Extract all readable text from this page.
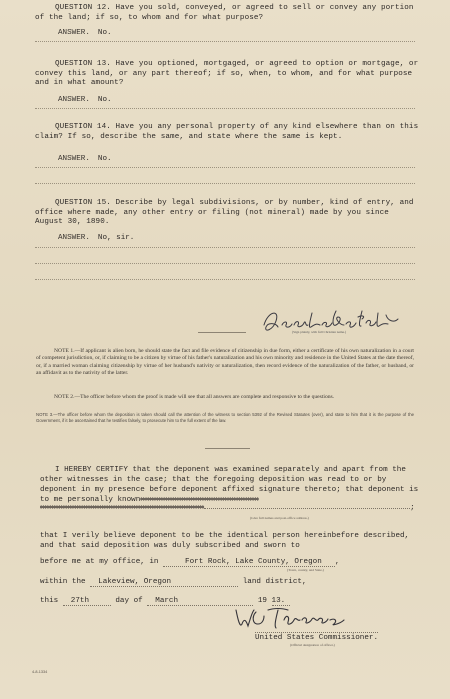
QUESTION 12. Have you sold, conveyed, or agreed to sell or convey any portion of the land; if so, to whom and for what purpose?
ANSWER. No.
QUESTION 13. Have you optioned, mortgaged, or agreed to option or mortgage, or convey this land, or any part thereof; if so, when, to whom, and for what purpose and in what amount?
ANSWER. No.
QUESTION 14. Have you any personal property of any kind elsewhere than on this claim? If so, describe the same, and state where the same is kept.
ANSWER. No.
QUESTION 15. Describe by legal subdivisions, or by number, kind of entry, and office where made, any other entry or filing (not mineral) made by you since August 30, 1890.
ANSWER. No, sir.
(Sign plainly, with full Christian name.)
NOTE 1.—If applicant is alien born, he should state the fact and file evidence of citizenship in due form, either a certificate of his own naturalization in a court of competent jurisdiction, or, if claiming to be a citizen by virtue of his father's naturalization and his own minority and residence in the United States at the date thereof, or, if a married woman claiming citizenship by virtue of her husband's nativity or naturalization, then record evidence of the naturalization of the father, or husband, or an affidavit as to the nativity of the latter.
NOTE 2.—The officer before whom the proof is made will see that all answers are complete and responsive to the questions.
NOTE 3.—The officer before whom the deposition is taken should call the attention of the witness to section 5392 of the Revised Statutes (over), and state to him that it is the purpose of the Government, if it be ascertained that he testifies falsely, to prosecute him to the full extent of the law.
I HEREBY CERTIFY that the deponent was examined separately and apart from the other witnesses in the case; that the foregoing deposition was read to or by deponent in my presence before deponent affixed signature thereto; that deponent is to me personally knownxxxxxxxxxxxxxxxxxxxxxxxxxx
xxxxxxxxxxxxxxxxxxxxxxxxxxxxxxxxxxxx	;
(Give full names and post-office address.)
that I verily believe deponent to be the identical person hereinbefore described, and that said deposition was duly subscribed and sworn to
before me at my office, in	Fort Rock, Lake County, Oregon ,
(Town, county, and State.)
within the Lakeview, Oregon	land district,
this 27th	day of March	19 13.
United States Commissioner.
(Official designation of officer.)
4-8-1334
